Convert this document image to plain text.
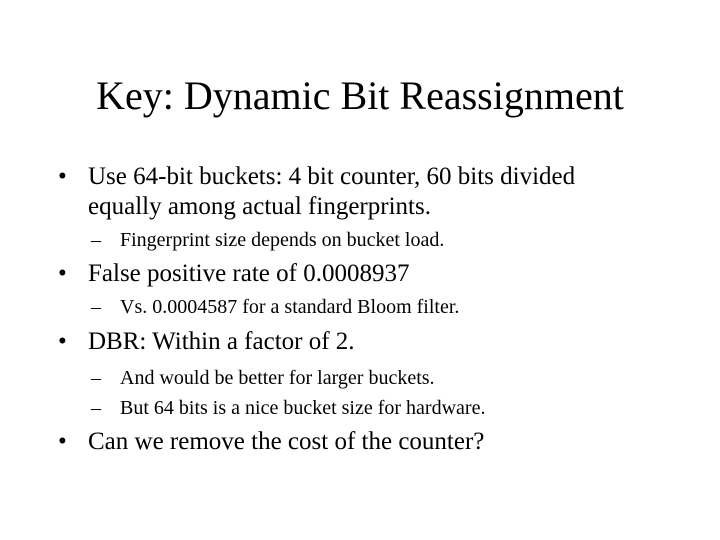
Key: Dynamic Bit Reassignment
• Use 64-bit buckets: 4 bit counter, 60 bits divided
equally among actual fingerprints.
– Fingerprint size depends on bucket load.
• False positive rate of 0.0008937
– Vs. 0.0004587 for a standard Bloom filter.
• DBR: Within a factor of 2.
– And would be better for larger buckets.
– But 64 bits is a nice bucket size for hardware.
• Can we remove the cost of the counter?
